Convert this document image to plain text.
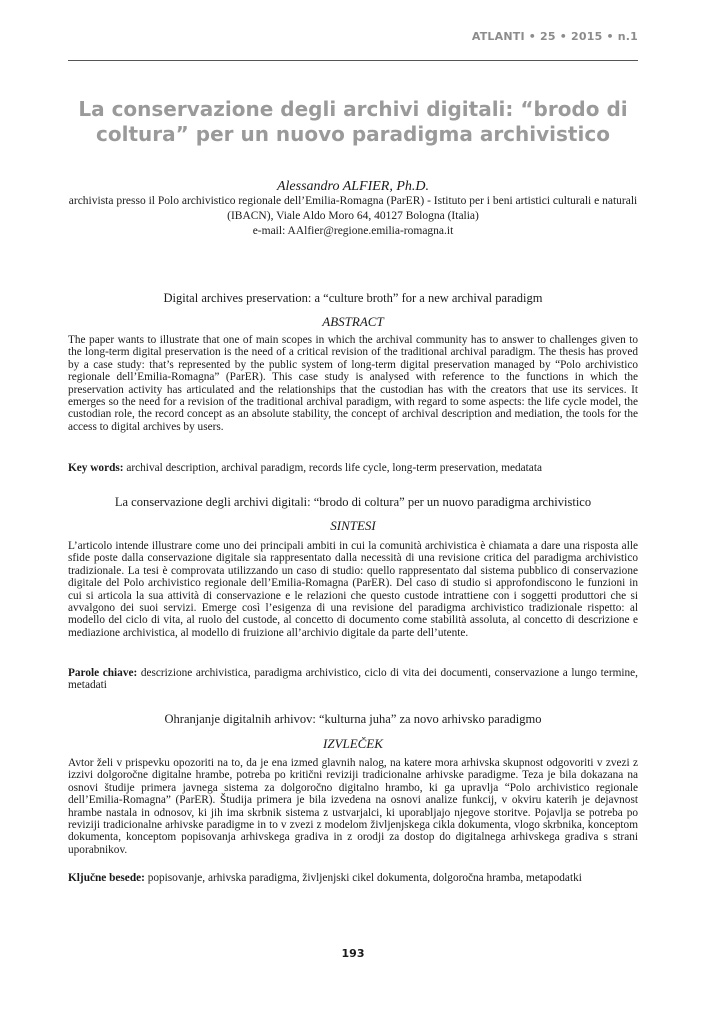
ATLANTI • 25 • 2015 • n.1
La conservazione degli archivi digitali: “brodo di coltura” per un nuovo paradigma archivistico
Alessandro ALFIER, Ph.D.
archivista presso il Polo archivistico regionale dell’Emilia-Romagna (ParER) - Istituto per i beni artistici culturali e naturali (IBACN), Viale Aldo Moro 64, 40127 Bologna (Italia)
e-mail: AAlfier@regione.emilia-romagna.it
Digital archives preservation: a “culture broth” for a new archival paradigm
ABSTRACT

The paper wants to illustrate that one of main scopes in which the archival community has to answer to challenges given to the long-term digital preservation is the need of a critical revision of the traditional archival paradigm. The thesis has proved by a case study: that’s represented by the public system of long-term digital preservation managed by “Polo archivistico regionale dell’Emilia-Romagna” (ParER). This case study is analysed with reference to the functions in which the preservation activity has articulated and the relationships that the custodian has with the creators that use its services. It emerges so the need for a revision of the traditional archival paradigm, with regard to some aspects: the life cycle model, the custodian role, the record concept as an absolute stability, the concept of archival description and mediation, the tools for the access to digital archives by users.

Key words: archival description, archival paradigm, records life cycle, long-term preservation, medatata

La conservazione degli archivi digitali: “brodo di coltura” per un nuovo paradigma archivistico
SINTESI

L’articolo intende illustrare come uno dei principali ambiti in cui la comunità archivistica è chiamata a dare una risposta alle sfide poste dalla conservazione digitale sia rappresentato dalla necessità di una revisione critica del paradigma archivistico tradizionale. La tesi è comprovata utilizzando un caso di studio: quello rappresentato dal sistema pubblico di conservazione digitale del Polo archivistico regionale dell’Emilia-Romagna (ParER). Del caso di studio si approfondiscono le funzioni in cui si articola la sua attività di conservazione e le relazioni che questo custode intrattiene con i soggetti produttori che si avvalgono dei suoi servizi. Emerge così l’esigenza di una revisione del paradigma archivistico tradizionale rispetto: al modello del ciclo di vita, al ruolo del custode, al concetto di documento come stabilità assoluta, al concetto di descrizione e mediazione archivistica, al modello di fruizione all’archivio digitale da parte dell’utente.

Parole chiave: descrizione archivistica, paradigma archivistico, ciclo di vita dei documenti, conservazione a lungo termine, metadati

Ohranjanje digitalnih arhivov: “kulturna juha” za novo arhivsko paradigmo
IZVLEČEK

Avtor želi v prispevku opozoriti na to, da je ena izmed glavnih nalog, na katere mora arhivska skupnost odgovoriti v zvezi z izzivi dolgoročne digitalne hrambe, potreba po kritični reviziji tradicionalne arhivske paradigme. Teza je bila dokazana na osnovi študije primera javnega sistema za dolgoročno digitalno hrambo, ki ga upravlja “Polo archivistico regionale dell’Emilia-Romagna” (ParER). Študija primera je bila izvedena na osnovi analize funkcij, v okviru katerih je dejavnost hrambe nastala in odnosov, ki jih ima skrbnik sistema z ustvarjalci, ki uporabljajo njegove storitve. Pojavlja se potreba po reviziji tradicionalne arhivske paradigme in to v zvezi z modelom življenjskega cikla dokumenta, vlogo skrbnika, konceptom dokumenta, konceptom popisovanja arhivskega gradiva in z orodji za dostop do digitalnega arhivskega gradiva s strani uporabnikov.

Ključne besede: popisovanje, arhivska paradigma, življenjski cikel dokumenta, dolgoročna hramba, metapodatki

193
